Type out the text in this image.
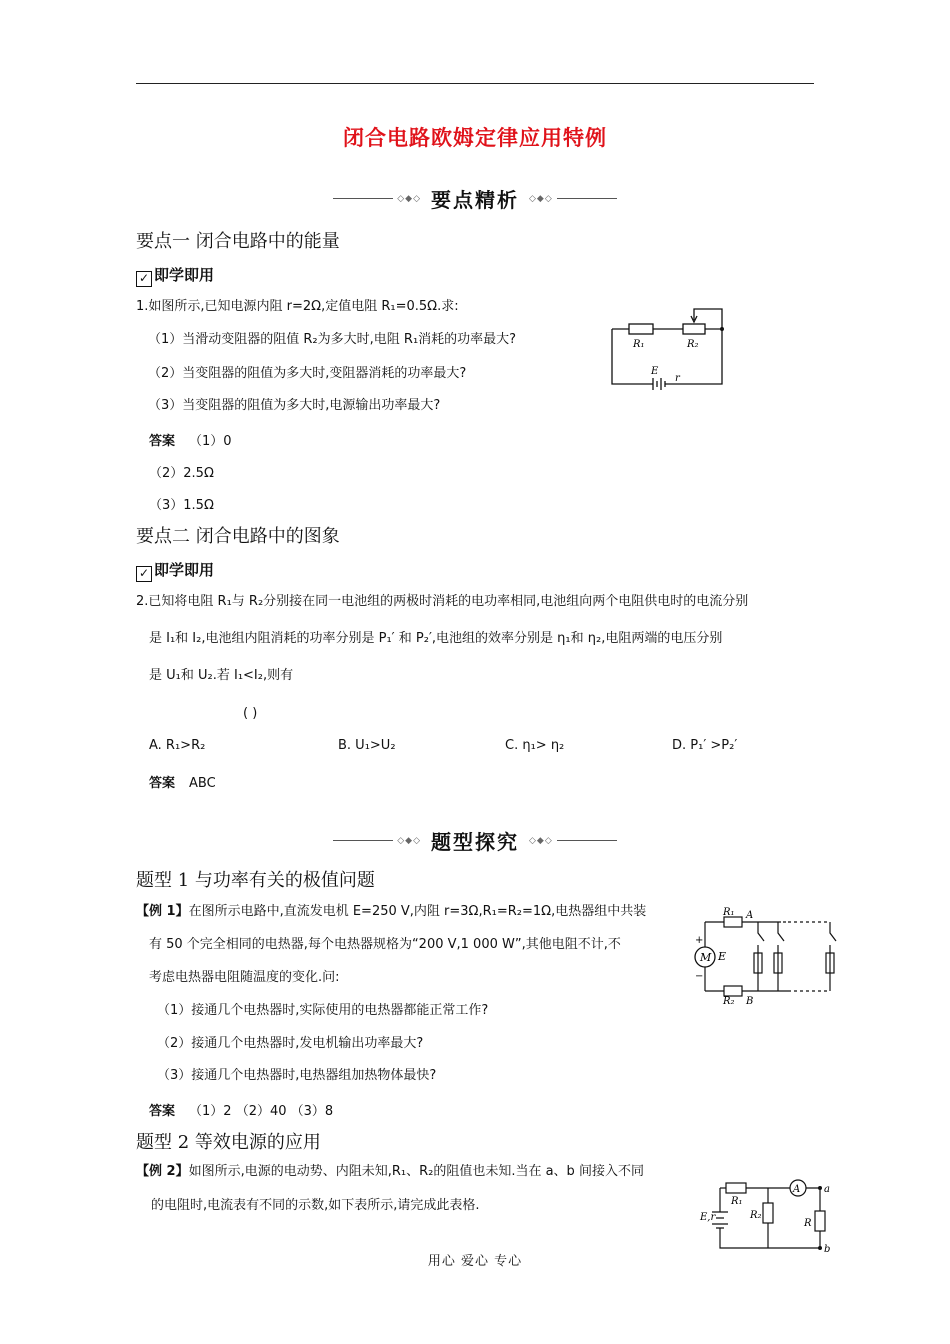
闭合电路欧姆定律应用特例
◇◆◇ 要点精析 ◇◆◇
要点一 闭合电路中的能量
✓ 即学即用
1.如图所示,已知电源内阻 r=2Ω,定值电阻 R₁=0.5Ω.求:
（1）当滑动变阻器的阻值 R₂为多大时,电阻 R₁消耗的功率最大?
（2）当变阻器的阻值为多大时,变阻器消耗的功率最大?
（3）当变阻器的阻值为多大时,电源输出功率最大?
答案 （1）0
（2）2.5Ω
（3）1.5Ω
R₁	R₂
E
r
要点二 闭合电路中的图象
✓ 即学即用
2.已知将电阻 R₁与 R₂分别接在同一电池组的两极时消耗的电功率相同,电池组向两个电阻供电时的电流分别
是 I₁和 I₂,电池组内阻消耗的功率分别是 P₁′ 和 P₂′,电池组的效率分别是 η₁和 η₂,电阻两端的电压分别
是 U₁和 U₂.若 I₁<I₂,则有
( )
A. R₁>R₂	B. U₁>U₂	C. η₁> η₂	D. P₁′ >P₂′
答案 ABC
◇◆◇ 题型探究 ◇◆◇
题型 1 与功率有关的极值问题
【例 1】在图所示电路中,直流发电机 E=250 V,内阻 r=3Ω,R₁=R₂=1Ω,电热器组中共装
有 50 个完全相同的电热器,每个电热器规格为“200 V,1 000 W”,其他电阻不计,不
考虑电热器电阻随温度的变化.问:
（1）接通几个电热器时,实际使用的电热器都能正常工作?
（2）接通几个电热器时,发电机输出功率最大?
（3）接通几个电热器时,电热器组加热物体最快?
答案 （1）2 （2）40 （3）8
M
+
−
E
R₁ A
R₂ B
题型 2 等效电源的应用
【例 2】如图所示,电源的电动势、内阻未知,R₁、R₂的阻值也未知.当在 a、b 间接入不同
的电阻时,电流表有不同的示数,如下表所示,请完成此表格.
A
R₁
R₂
R
E,r
a
b
用心 爱心 专心
